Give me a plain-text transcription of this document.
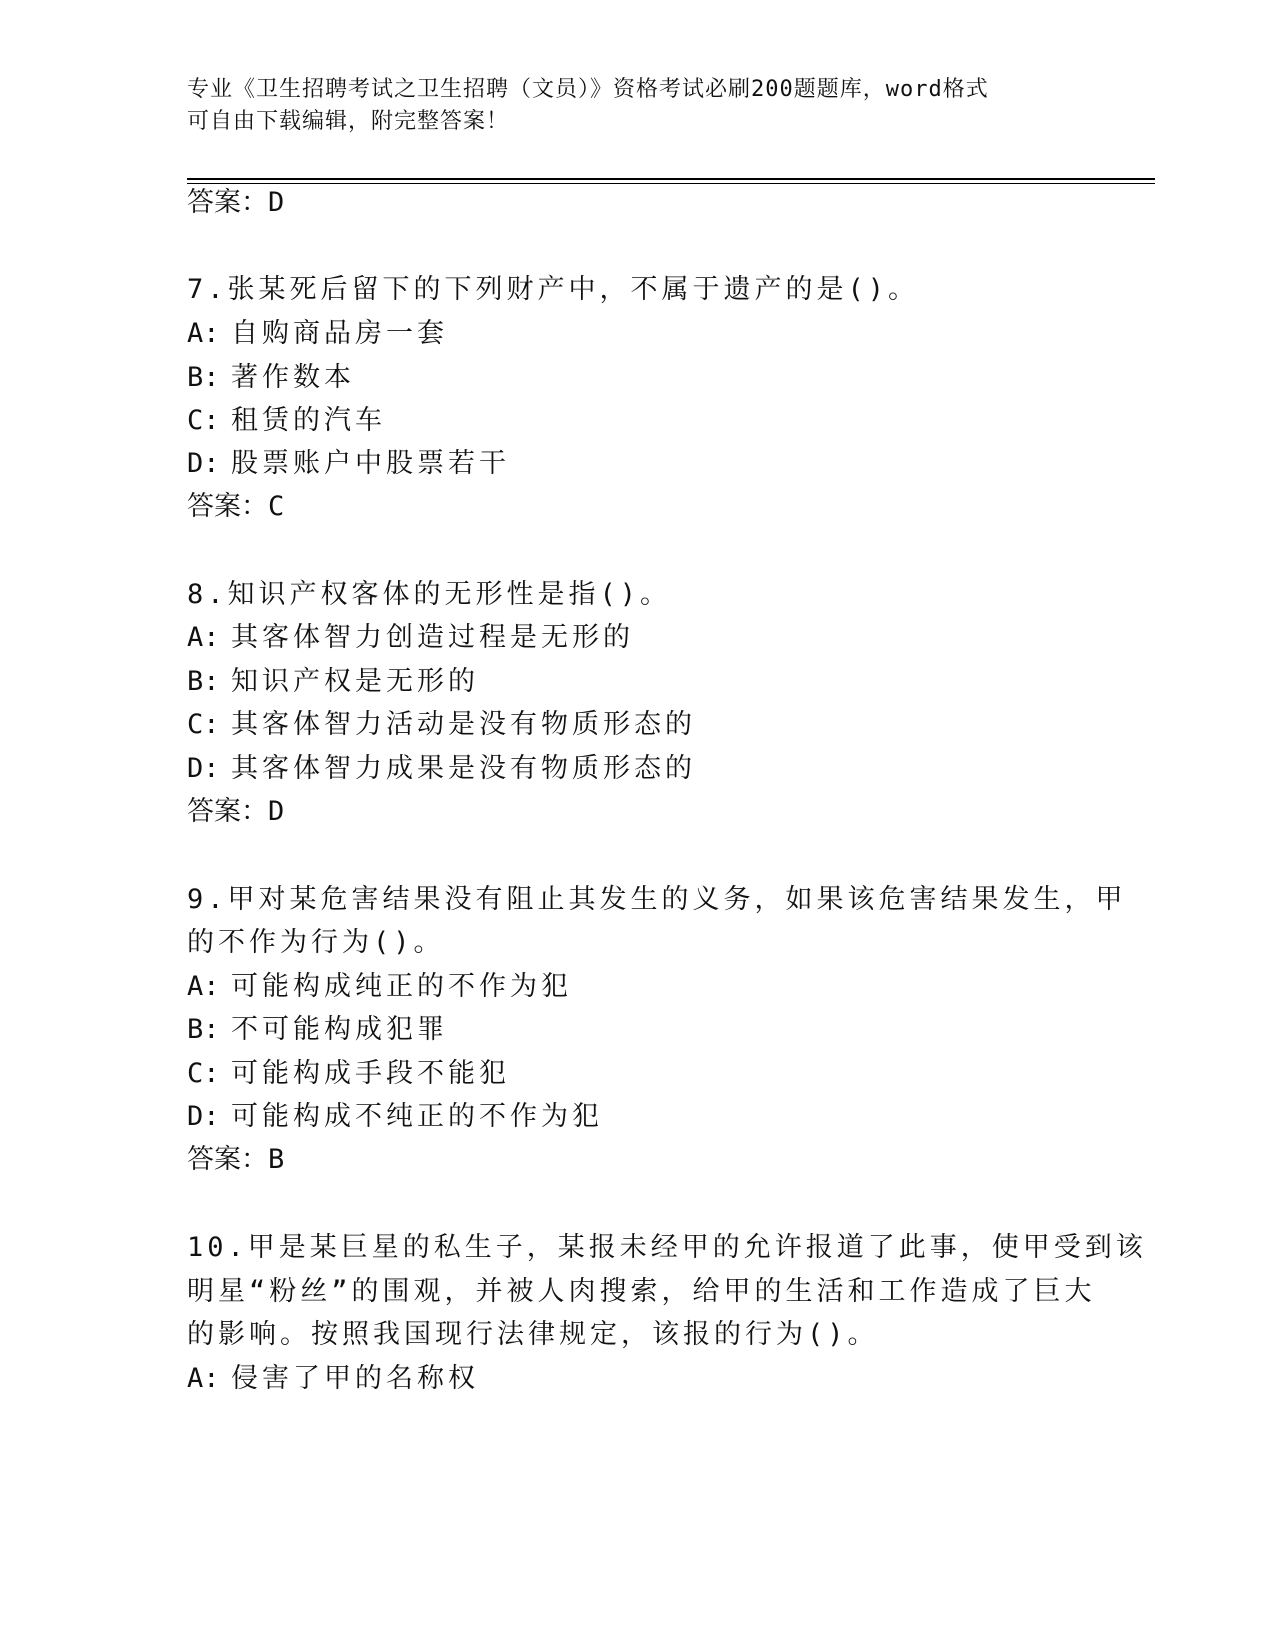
专业《卫生招聘考试之卫生招聘（文员）》资格考试必刷200题题库，word格式
可自由下载编辑，附完整答案！
答案：D
7.张某死后留下的下列财产中，不属于遗产的是()。
A: 自购商品房一套
B: 著作数本
C: 租赁的汽车
D: 股票账户中股票若干
答案：C
8.知识产权客体的无形性是指()。
A: 其客体智力创造过程是无形的
B: 知识产权是无形的
C: 其客体智力活动是没有物质形态的
D: 其客体智力成果是没有物质形态的
答案：D
9.甲对某危害结果没有阻止其发生的义务，如果该危害结果发生，甲
的不作为行为()。
A: 可能构成纯正的不作为犯
B: 不可能构成犯罪
C: 可能构成手段不能犯
D: 可能构成不纯正的不作为犯
答案：B
10.甲是某巨星的私生子，某报未经甲的允许报道了此事，使甲受到该
明星“粉丝”的围观，并被人肉搜索，给甲的生活和工作造成了巨大
的影响。按照我国现行法律规定，该报的行为()。
A: 侵害了甲的名称权
